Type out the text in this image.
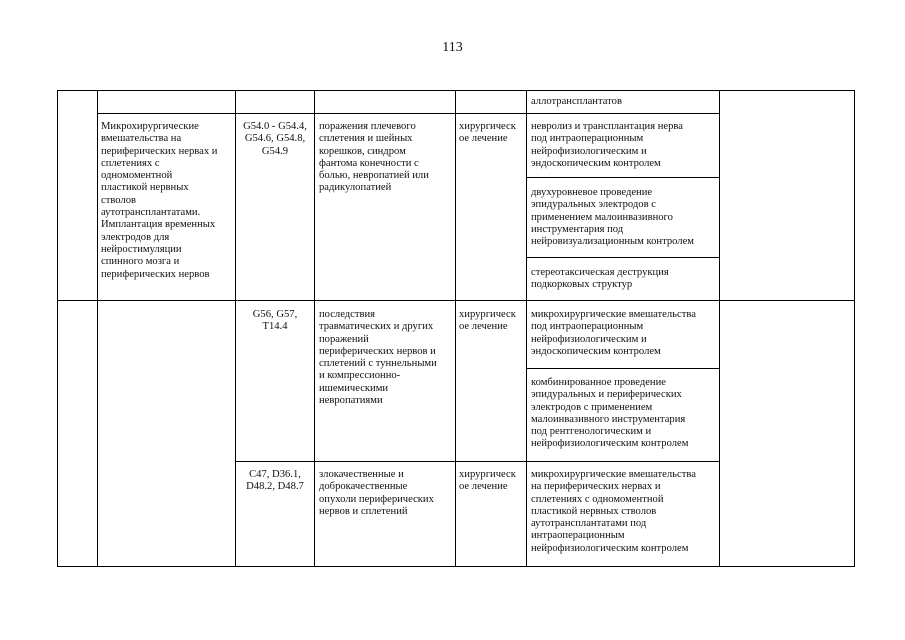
113
аллотрансплантатов
Микрохирургические
вмешательства на
периферических нервах и
сплетениях с
одномоментной
пластикой нервных
стволов
аутотрансплантатами.
Имплантация временных
электродов для
нейростимуляции
спинного мозга и
периферических нервов
G54.0 - G54.4,
G54.6, G54.8,
G54.9
поражения плечевого
сплетения и шейных
корешков, синдром
фантома конечности с
болью, невропатией или
радикулопатией
хирургическ
ое лечение
невролиз и трансплантация нерва
под интраоперационным
нейрофизиологическим и
эндоскопическим контролем
двухуровневое проведение
эпидуральных электродов с
применением малоинвазивного
инструментария под
нейровизуализационным контролем
стереотаксическая деструкция
подкорковых структур
G56, G57,
T14.4
последствия
травматических и других
поражений
периферических нервов и
сплетений с туннельными
и компрессионно-
ишемическими
невропатиями
хирургическ
ое лечение
микрохирургические вмешательства
под интраоперационным
нейрофизиологическим и
эндоскопическим контролем
комбинированное проведение
эпидуральных и периферических
электродов с применением
малоинвазивного инструментария
под рентгенологическим и
нейрофизиологическим контролем
C47, D36.1,
D48.2, D48.7
злокачественные и
доброкачественные
опухоли периферических
нервов и сплетений
хирургическ
ое лечение
микрохирургические вмешательства
на периферических нервах и
сплетениях с одномоментной
пластикой нервных стволов
аутотрансплантатами под
интраоперационным
нейрофизиологическим контролем
